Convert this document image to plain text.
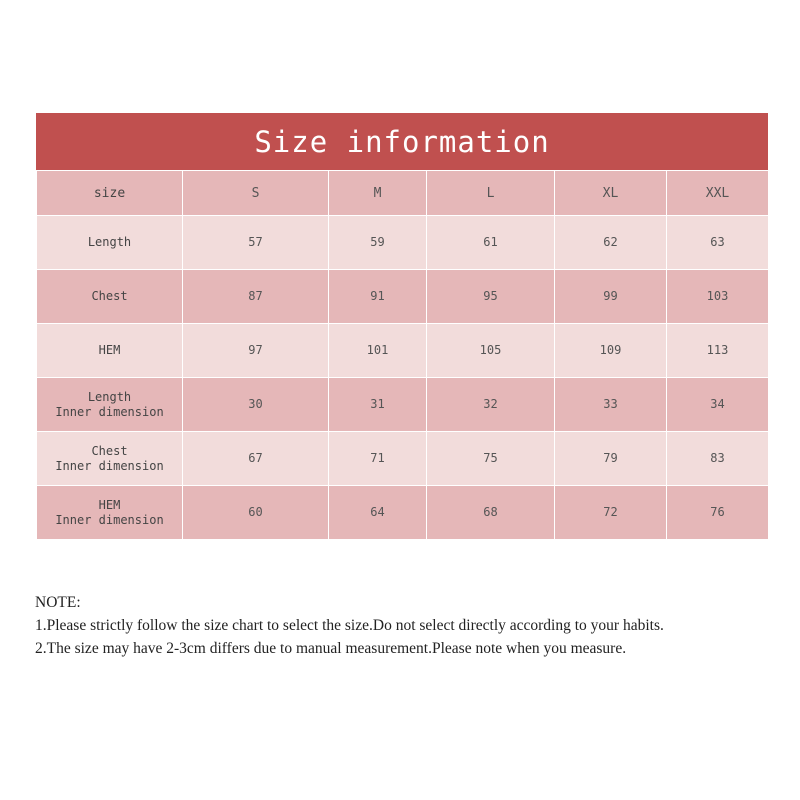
Size information
size	S	M	L	XL	XXL

Length	57	59	61	62	63

Chest	87	91	95	99	103

HEM	97	101	105	109	113

Length
Inner dimension	30	31	32	33	34

Chest
Inner dimension	67	71	75	79	83

HEM
Inner dimension	60	64	68	72	76
NOTE:
1.Please strictly follow the size chart to select the size.Do not select directly according to your habits.
2.The size may have 2-3cm differs due to manual measurement.Please note when you measure.
